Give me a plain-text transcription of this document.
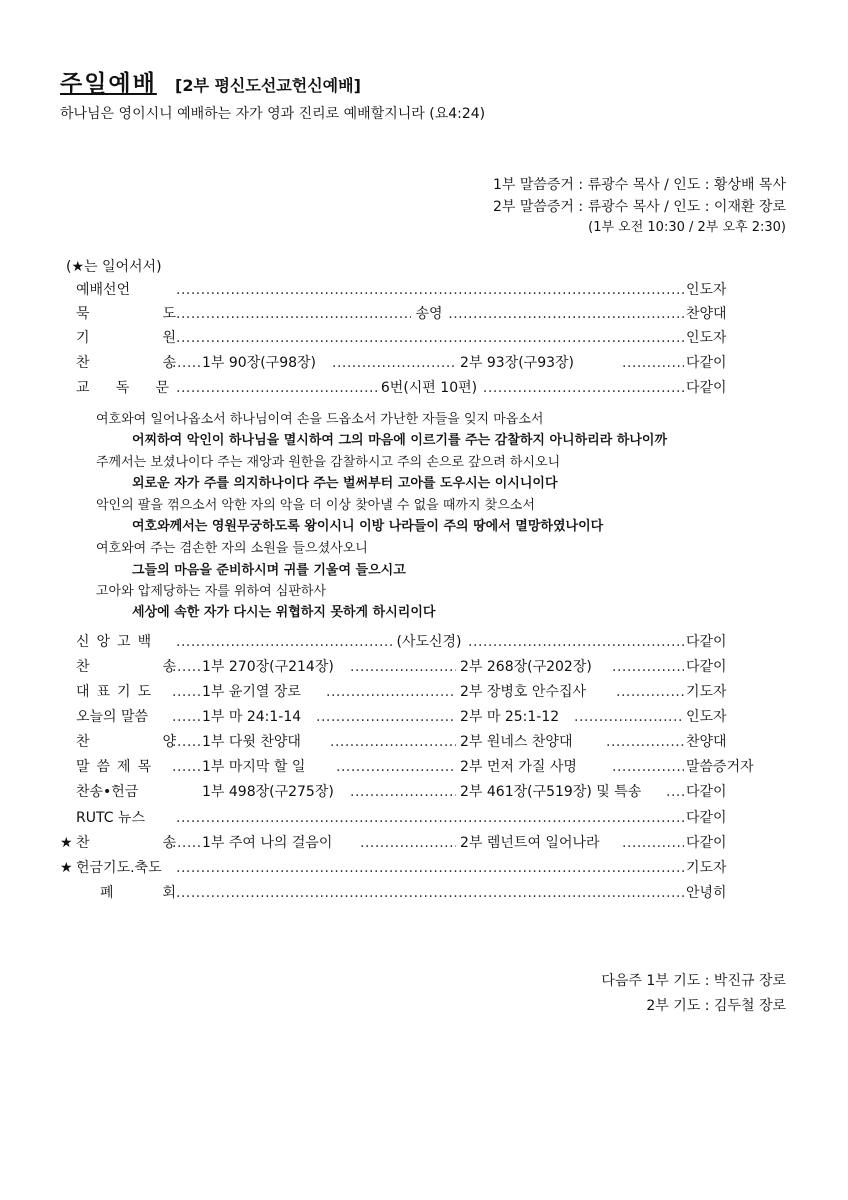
주일예배 [2부 평신도선교헌신예배]
하나님은 영이시니 예배하는 자가 영과 진리로 예배할지니라 (요4:24)
1부 말씀증거 : 류광수 목사 / 인도 : 황상배 목사
2부 말씀증거 : 류광수 목사 / 인도 : 이재환 장로
(1부 오전 10:30 / 2부 오후 2:30)
(★는 일어서서)
예배선언 .....	인도자
묵 도 .....	송영	찬양대
기 원 .....	인도자
찬 송 ..... 1부 90장(구98장) .....	2부 93장(구93장) .....	다같이
교 독 문 .....	6번(시편 10편)	다같이
여호와여 일어나옵소서 하나님이여 손을 드옵소서 가난한 자들을 잊지 마옵소서
어찌하여 악인이 하나님을 멸시하여 그의 마음에 이르기를 주는 감찰하지 아니하리라 하나이까
주께서는 보셨나이다 주는 재앙과 원한을 감찰하시고 주의 손으로 갚으려 하시오니
외로운 자가 주를 의지하나이다 주는 벌써부터 고아를 도우시는 이시니이다
악인의 팔을 꺾으소서 악한 자의 악을 더 이상 찾아낼 수 없을 때까지 찾으소서
여호와께서는 영원무궁하도록 왕이시니 이방 나라들이 주의 땅에서 멸망하였나이다
여호와여 주는 겸손한 자의 소원을 들으셨사오니
그들의 마음을 준비하시며 귀를 기울여 들으시고
고아와 압제당하는 자를 위하여 심판하사
세상에 속한 자가 다시는 위협하지 못하게 하시리이다
신앙고백 .....	(사도신경)	다같이
찬 송 ..... 1부 270장(구214장) .....	2부 268장(구202장) .....	다같이
대표기도 .....	1부 윤기열 장로 .....	2부 장병호 안수집사 .....	기도자
오늘의 말씀 .....	1부 마 24:1-14 .....	2부 마 25:1-12 .....	인도자
찬 양 ..... 1부 다윗 찬양대 .....	2부 원네스 찬양대 .....	찬양대
말씀제목 .....	1부 마지막 할 일 .....	2부 먼저 가질 사명 .....	말씀증거자
찬송•헌금	1부 498장(구275장) .....	2부 461장(구519장) 및 특송 .....	다같이
RUTC 뉴스 .....	다같이
★ 찬 송 ..... 1부 주여 나의 걸음이 .....	2부 렘넌트여 일어나라 .....	다같이
★ 헌금기도.축도 .....	기도자
폐 회 .....	안녕히
다음주 1부 기도 : 박진규 장로
2부 기도 : 김두철 장로
